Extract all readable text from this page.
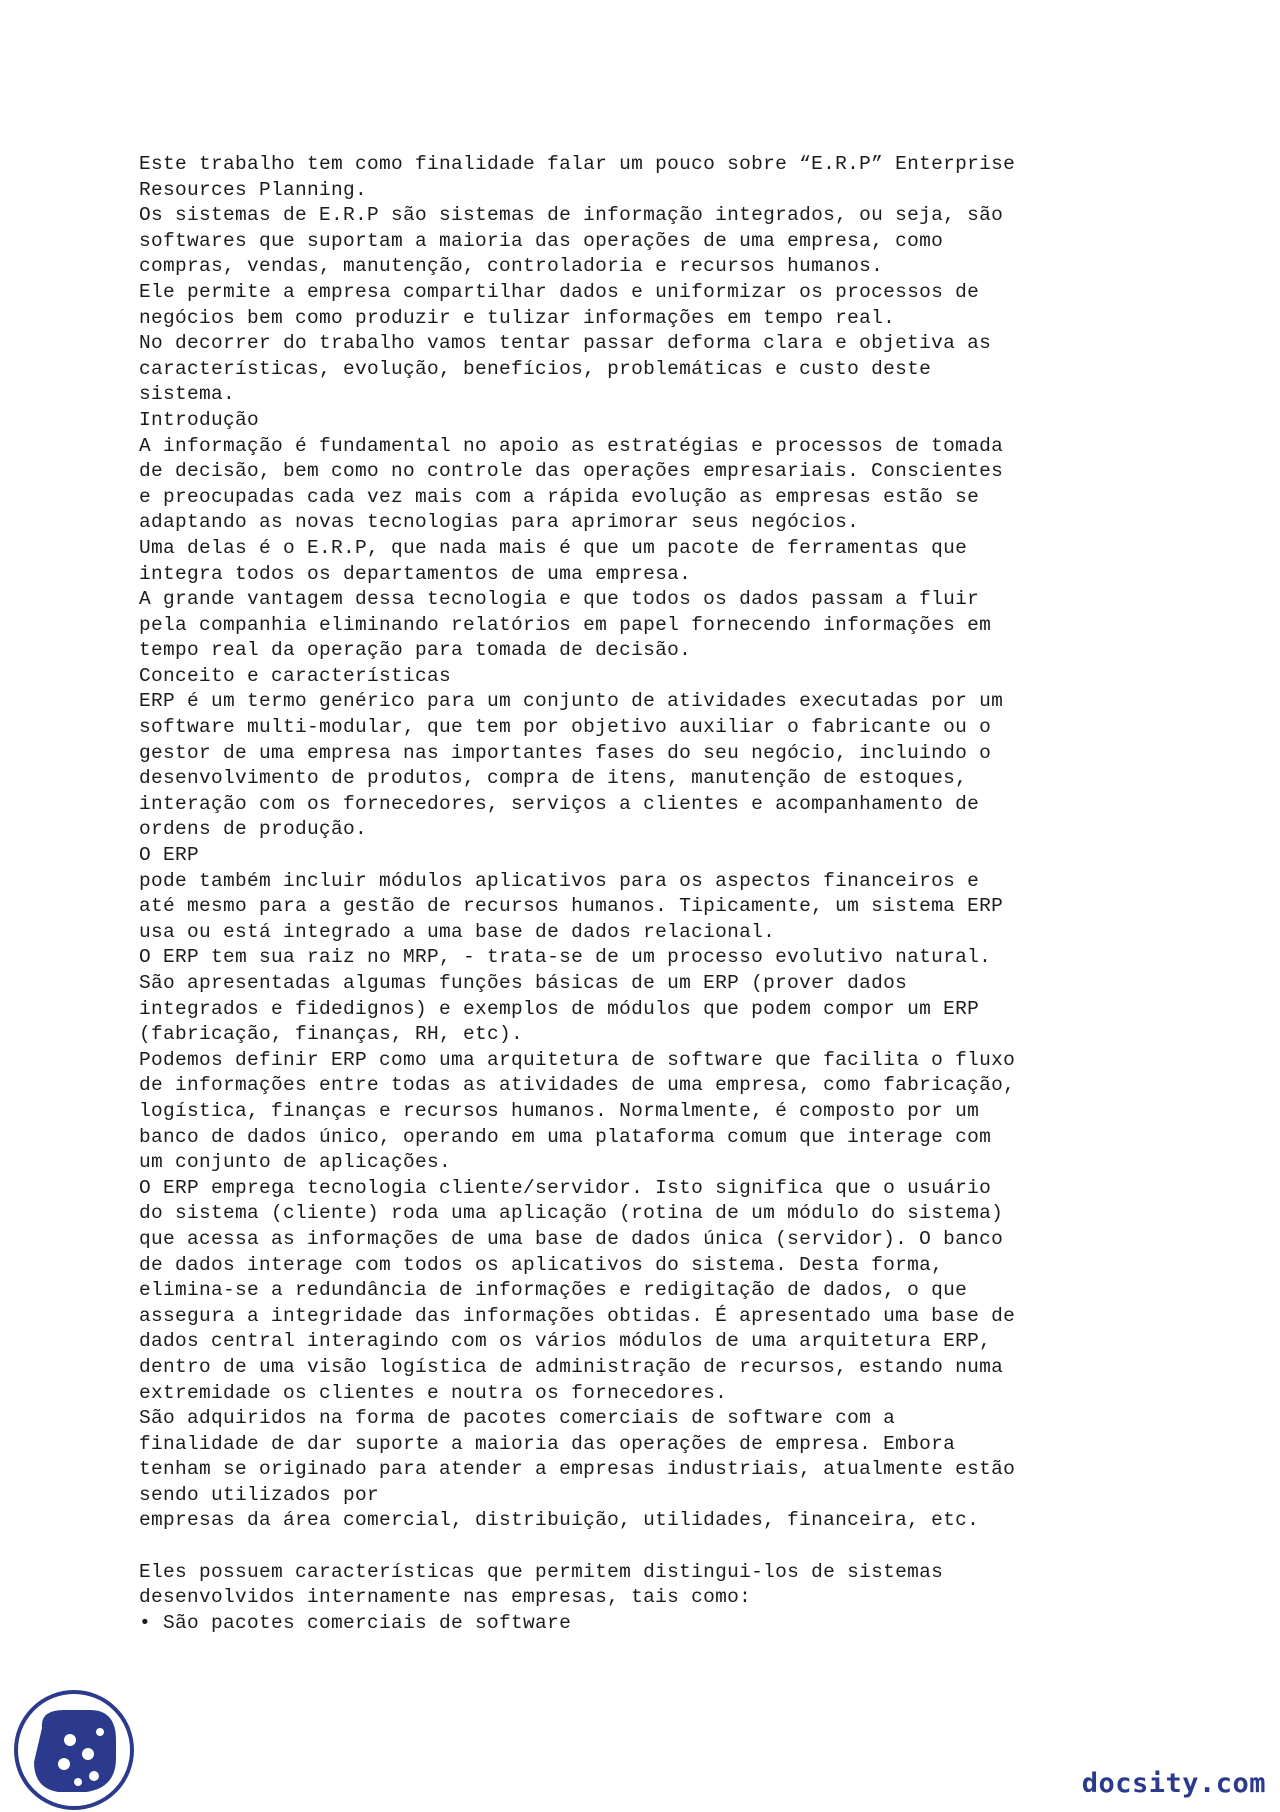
Este trabalho tem como finalidade falar um pouco sobre “E.R.P” Enterprise
Resources Planning.
Os sistemas de E.R.P são sistemas de informação integrados, ou seja, são
softwares que suportam a maioria das operações de uma empresa, como
compras, vendas, manutenção, controladoria e recursos humanos.
Ele permite a empresa compartilhar dados e uniformizar os processos de
negócios bem como produzir e tulizar informações em tempo real.
No decorrer do trabalho vamos tentar passar deforma clara e objetiva as
características, evolução, benefícios, problemáticas e custo deste
sistema.
Introdução
A informação é fundamental no apoio as estratégias e processos de tomada
de decisão, bem como no controle das operações empresariais. Conscientes
e preocupadas cada vez mais com a rápida evolução as empresas estão se
adaptando as novas tecnologias para aprimorar seus negócios.
Uma delas é o E.R.P, que nada mais é que um pacote de ferramentas que
integra todos os departamentos de uma empresa.
A grande vantagem dessa tecnologia e que todos os dados passam a fluir
pela companhia eliminando relatórios em papel fornecendo informações em
tempo real da operação para tomada de decisão.
Conceito e características
ERP é um termo genérico para um conjunto de atividades executadas por um
software multi-modular, que tem por objetivo auxiliar o fabricante ou o
gestor de uma empresa nas importantes fases do seu negócio, incluindo o
desenvolvimento de produtos, compra de itens, manutenção de estoques,
interação com os fornecedores, serviços a clientes e acompanhamento de
ordens de produção.
O ERP
pode também incluir módulos aplicativos para os aspectos financeiros e
até mesmo para a gestão de recursos humanos. Tipicamente, um sistema ERP
usa ou está integrado a uma base de dados relacional.
O ERP tem sua raiz no MRP, - trata-se de um processo evolutivo natural.
São apresentadas algumas funções básicas de um ERP (prover dados
integrados e fidedignos) e exemplos de módulos que podem compor um ERP
(fabricação, finanças, RH, etc).
Podemos definir ERP como uma arquitetura de software que facilita o fluxo
de informações entre todas as atividades de uma empresa, como fabricação,
logística, finanças e recursos humanos. Normalmente, é composto por um
banco de dados único, operando em uma plataforma comum que interage com
um conjunto de aplicações.
O ERP emprega tecnologia cliente/servidor. Isto significa que o usuário
do sistema (cliente) roda uma aplicação (rotina de um módulo do sistema)
que acessa as informações de uma base de dados única (servidor). O banco
de dados interage com todos os aplicativos do sistema. Desta forma,
elimina-se a redundância de informações e redigitação de dados, o que
assegura a integridade das informações obtidas. É apresentado uma base de
dados central interagindo com os vários módulos de uma arquitetura ERP,
dentro de uma visão logística de administração de recursos, estando numa
extremidade os clientes e noutra os fornecedores.
São adquiridos na forma de pacotes comerciais de software com a
finalidade de dar suporte a maioria das operações de empresa. Embora
tenham se originado para atender a empresas industriais, atualmente estão
sendo utilizados por
empresas da área comercial, distribuição, utilidades, financeira, etc.
Eles possuem características que permitem distingui-los de sistemas
desenvolvidos internamente nas empresas, tais como:
• São pacotes comerciais de software
docsity.com
